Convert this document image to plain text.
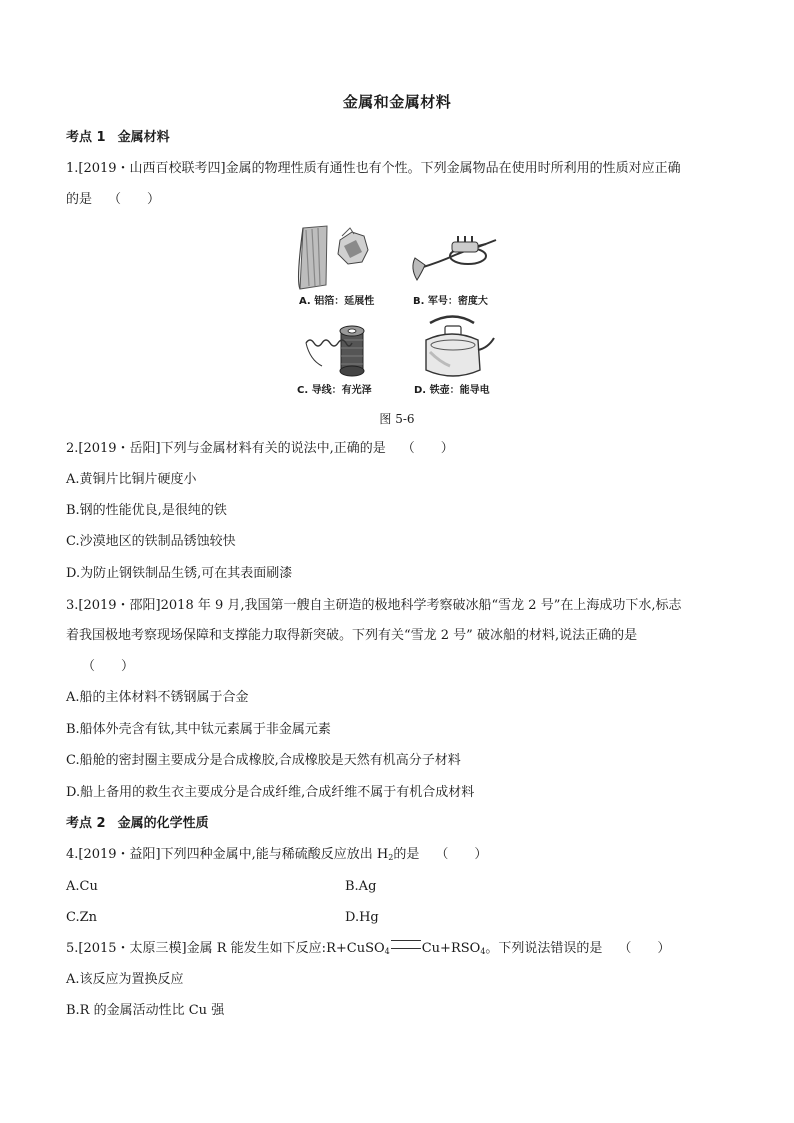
金属和金属材料
考点 1 金属材料
1.[2019・山西百校联考四]金属的物理性质有通性也有个性。下列金属物品在使用时所利用的性质对应正确
的是 （　　）
A. 铝箔：延展性	B. 军号：密度大
C. 导线：有光泽	D. 铁壶：能导电
图 5-6
2.[2019・岳阳]下列与金属材料有关的说法中,正确的是 （　　）
A.黄铜片比铜片硬度小
B.钢的性能优良,是很纯的铁
C.沙漠地区的铁制品锈蚀较快
D.为防止钢铁制品生锈,可在其表面刷漆
3.[2019・邵阳]2018 年 9 月,我国第一艘自主研造的极地科学考察破冰船“雪龙 2 号”在上海成功下水,标志
着我国极地考察现场保障和支撑能力取得新突破。下列有关“雪龙 2 号” 破冰船的材料,说法正确的是
（　　）
A.船的主体材料不锈钢属于合金
B.船体外壳含有钛,其中钛元素属于非金属元素
C.船舱的密封圈主要成分是合成橡胶,合成橡胶是天然有机高分子材料
D.船上备用的救生衣主要成分是合成纤维,合成纤维不属于有机合成材料
考点 2 金属的化学性质
4.[2019・益阳]下列四种金属中,能与稀硫酸反应放出 $H_2$的是 （　　）
A.Cu	B.Ag
C.Zn	D.Hg
5.[2015・太原三模]金属 R 能发生如下反应:R+CuSO$_4$ $Cu+RSO_4$。下列说法错误的是 （　　）
A.该反应为置换反应
B.R 的金属活动性比 Cu 强
